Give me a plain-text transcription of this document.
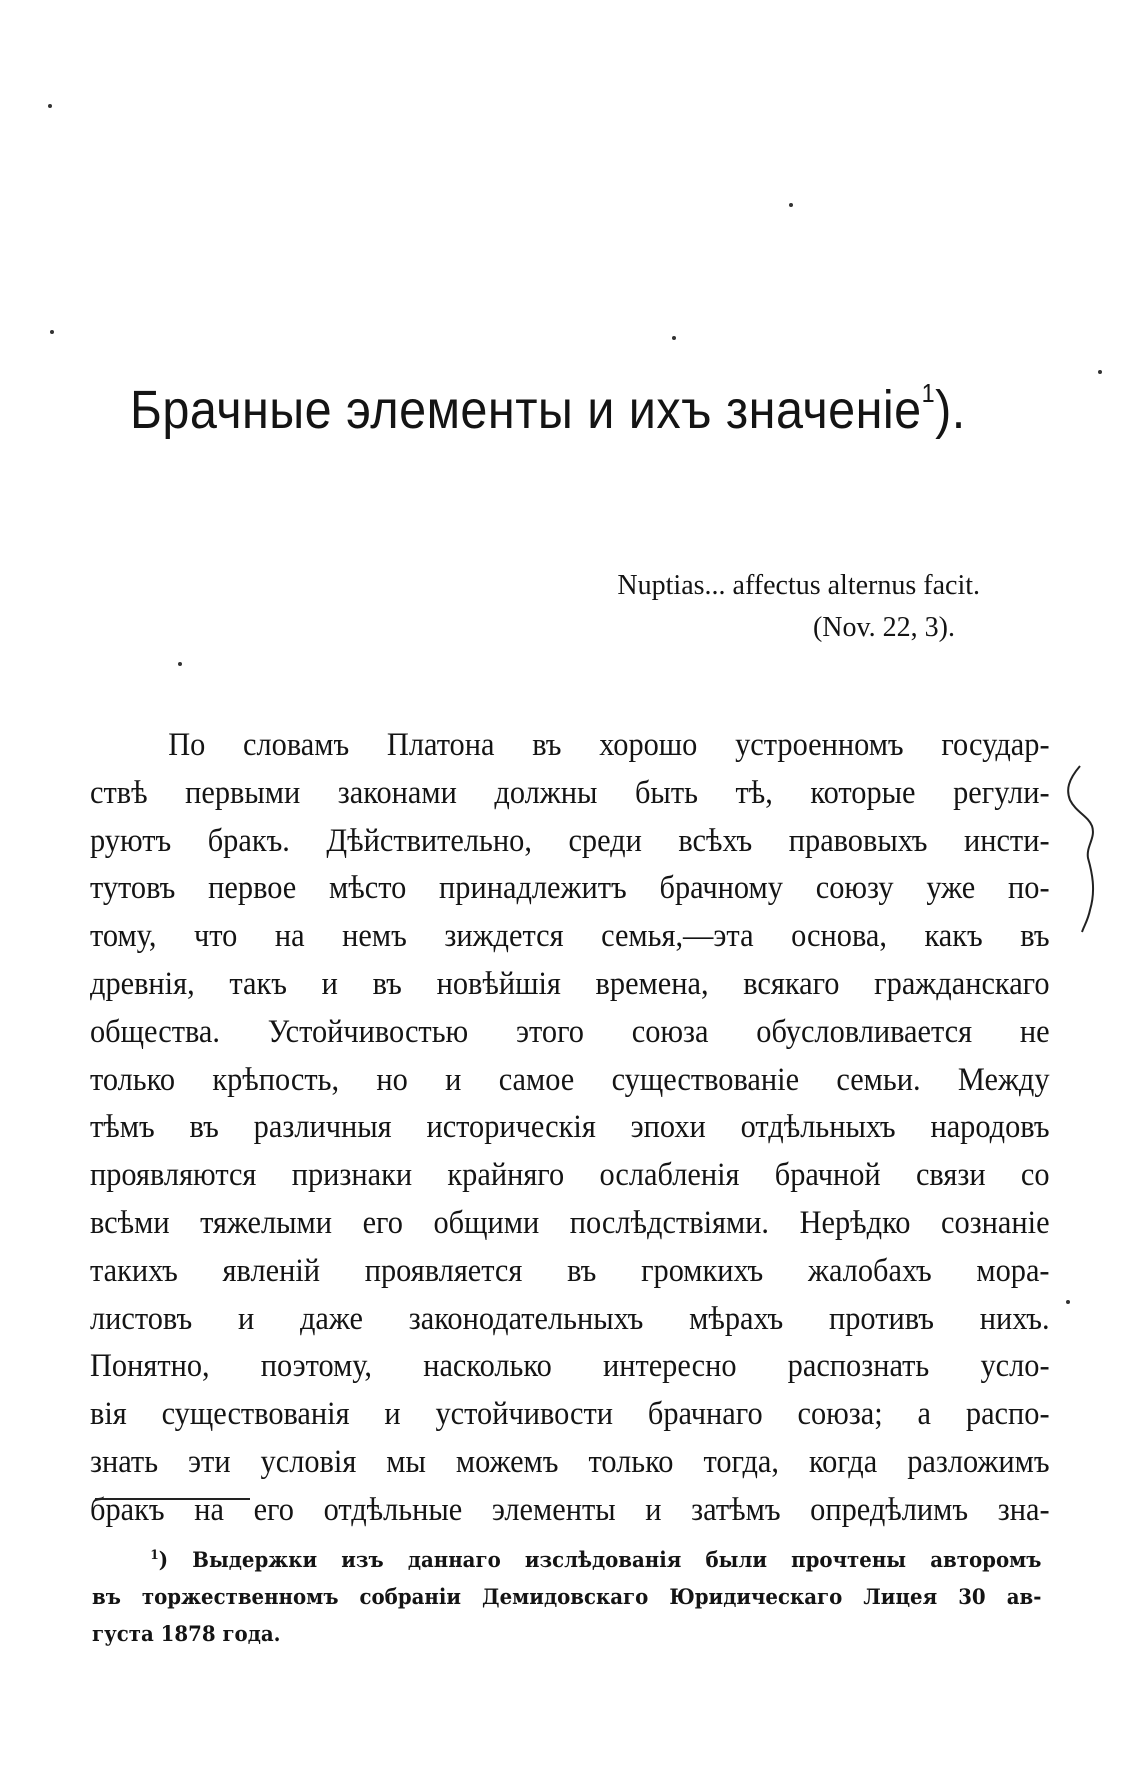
Брачные элементы и ихъ значеніе$^1$).
Nuptias... affectus alternus facit.
(Nov. 22, 3).
По словамъ Платона въ хорошо устроенномъ государ-
ствѣ первыми законами должны быть тѣ, которые регули-
руютъ бракъ. Дѣйствительно, среди всѣхъ правовыхъ инсти-
тутовъ первое мѣсто принадлежитъ брачному союзу уже по-
тому, что на немъ зиждется семья,—эта основа, какъ въ
древнія, такъ и въ новѣйшія времена, всякаго гражданскаго
общества. Устойчивостью этого союза обусловливается не
только крѣпость, но и самое существованіе семьи. Между
тѣмъ въ различныя историческія эпохи отдѣльныхъ народовъ
проявляются признаки крайняго ослабленія брачной связи со
всѣми тяжелыми его общими послѣдствіями. Нерѣдко сознаніе
такихъ явленій проявляется въ громкихъ жалобахъ мора-
листовъ и даже законодательныхъ мѣрахъ противъ нихъ.
Понятно, поэтому, насколько интересно распознать усло-
вія существованія и устойчивости брачнаго союза; а распо-
знать эти условія мы можемъ только тогда, когда разложимъ
бракъ на его отдѣльные элементы и затѣмъ опредѣлимъ зна-
$^1$) Выдержки изъ даннаго изслѣдованія были прочтены авторомъ
въ торжественномъ собраніи Демидовскаго Юридическаго Лицея 30 ав-
густа 1878 года.
